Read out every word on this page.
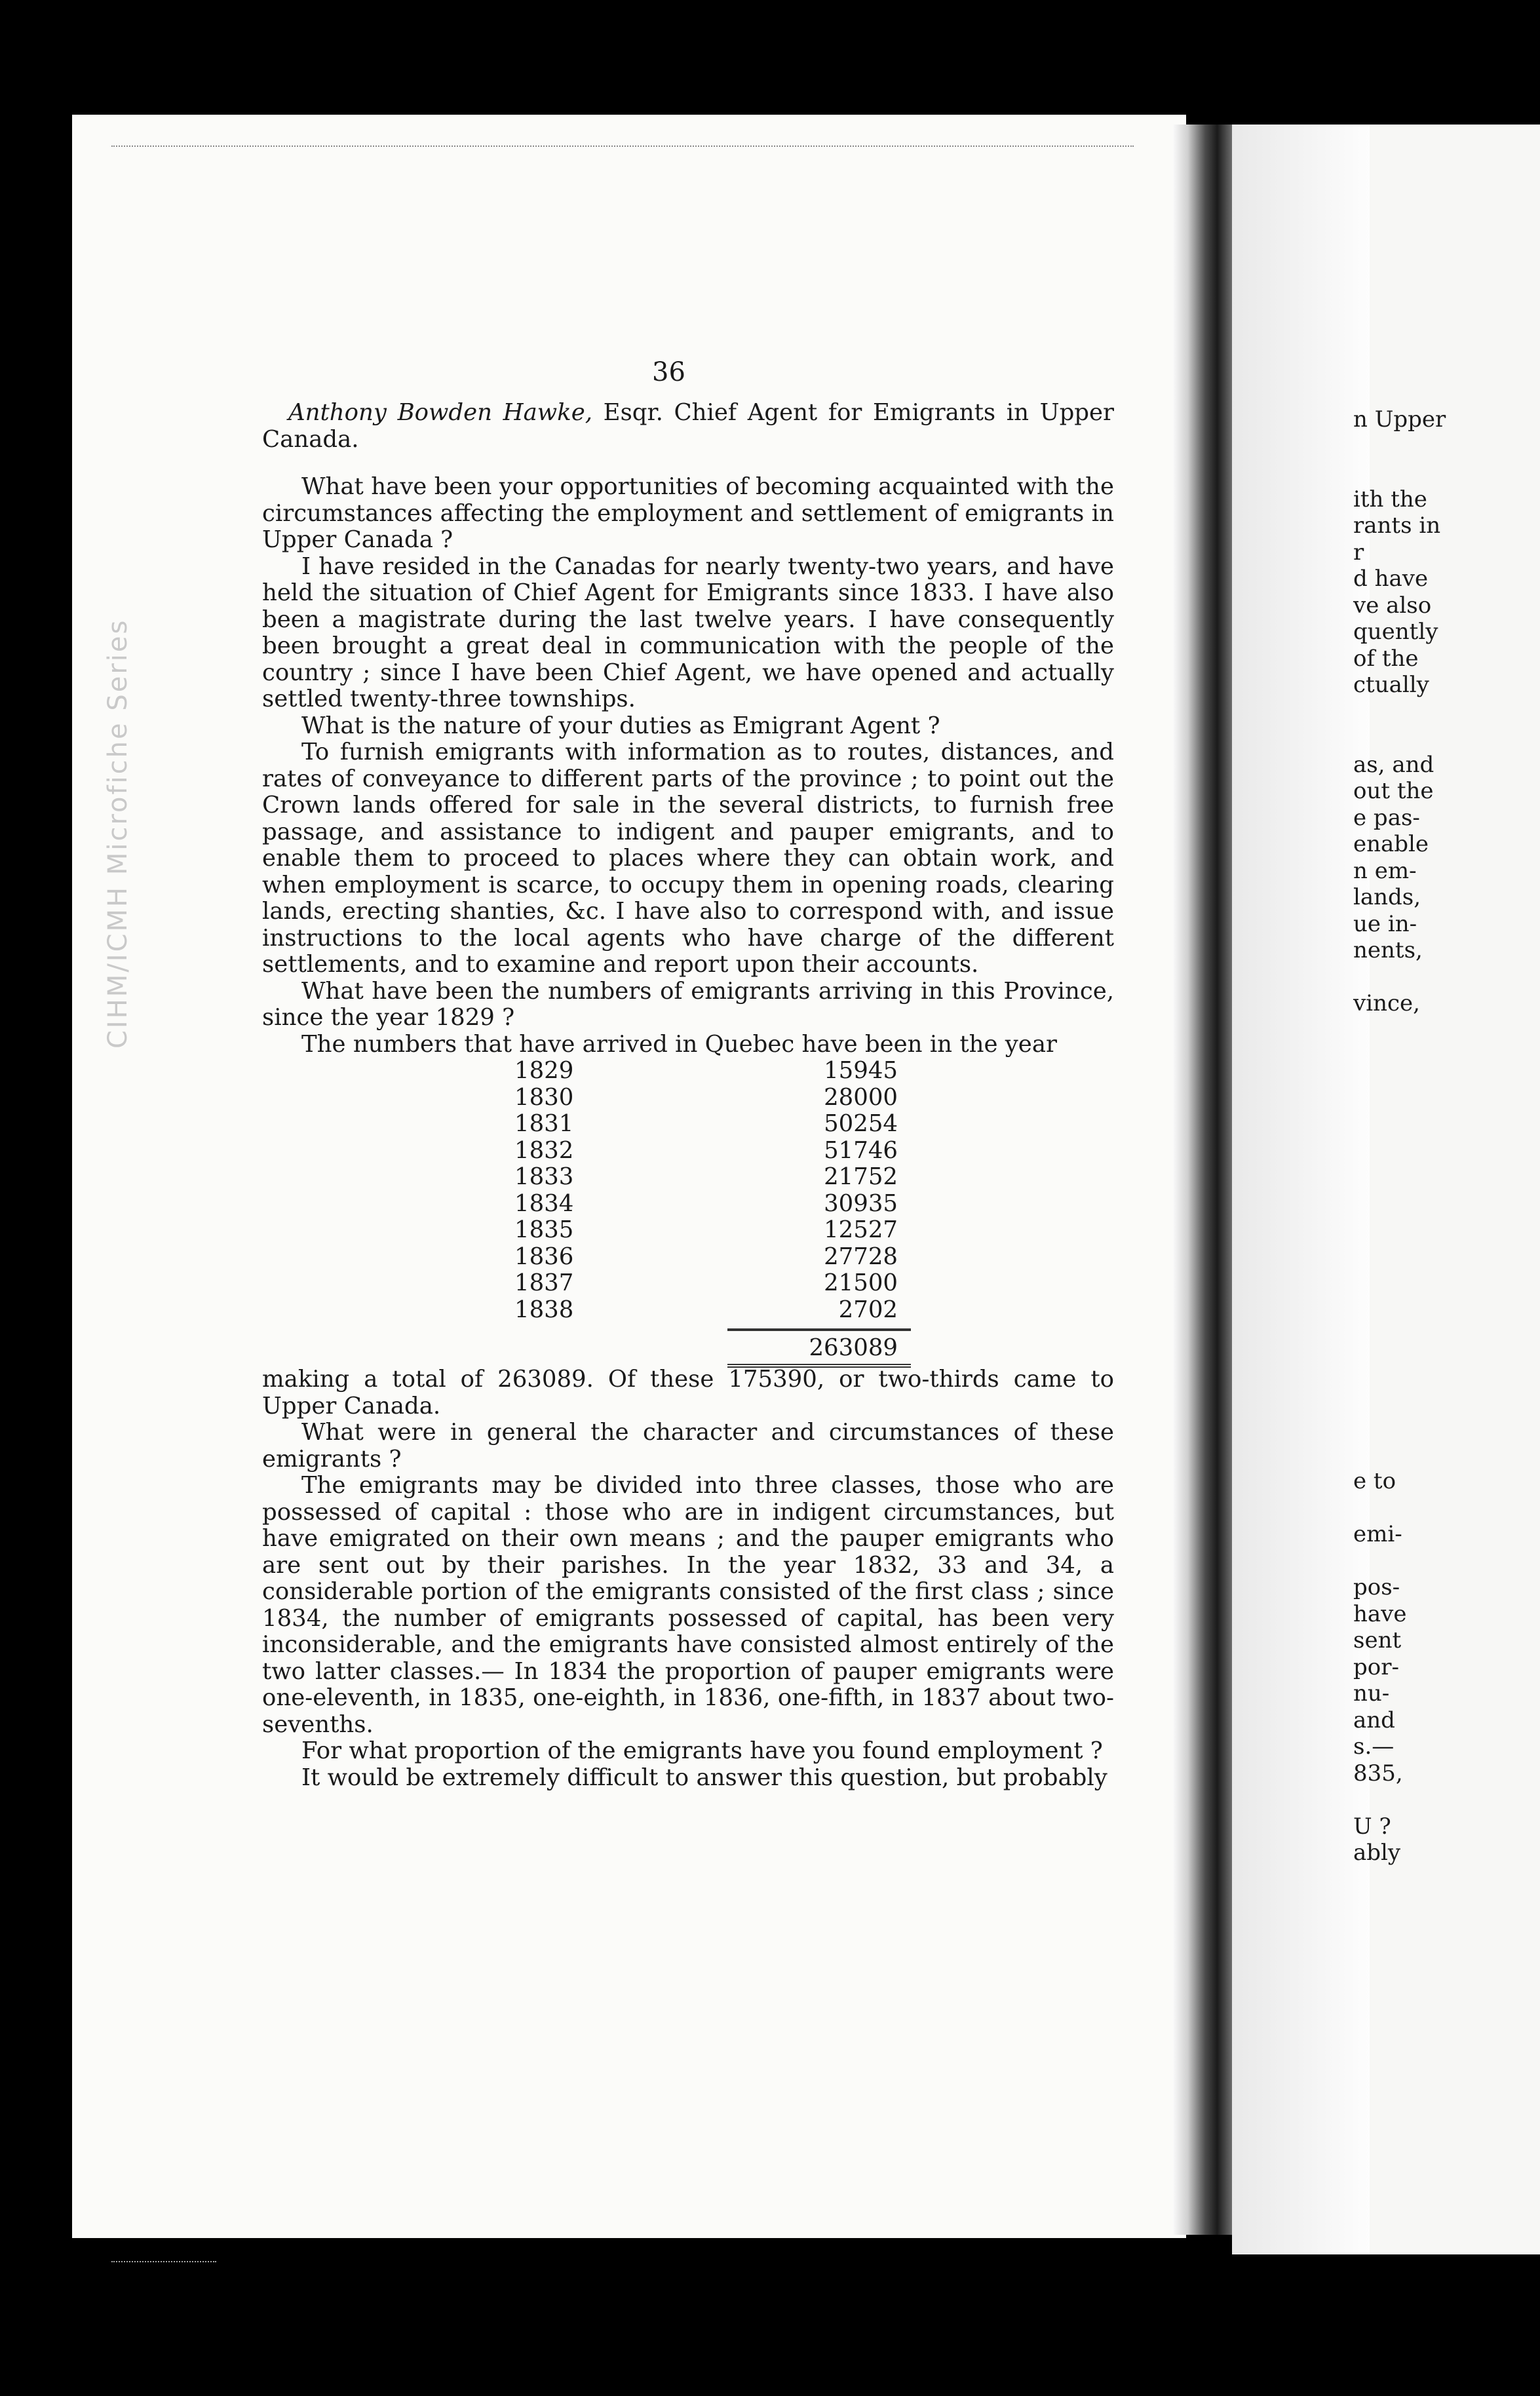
CIHM/ICMH Microfiche Series
36

Anthony Bowden Hawke, Esqr. Chief Agent for Emigrants in Upper Canada.

What have been your opportunities of becoming acquainted with the circumstances affecting the employment and settlement of emigrants in Upper Canada ?

I have resided in the Canadas for nearly twenty-two years, and have held the situation of Chief Agent for Emigrants since 1833. I have also been a magistrate during the last twelve years. I have consequently been brought a great deal in communication with the people of the country ; since I have been Chief Agent, we have opened and actually settled twenty-three townships.

What is the nature of your duties as Emigrant Agent ?

To furnish emigrants with information as to routes, distances, and rates of conveyance to different parts of the province ; to point out the Crown lands offered for sale in the several districts, to furnish free passage, and assistance to indigent and pauper emigrants, and to enable them to proceed to places where they can obtain work, and when employment is scarce, to occupy them in opening roads, clearing lands, erecting shanties, &c. I have also to correspond with, and issue instructions to the local agents who have charge of the different settlements, and to examine and report upon their accounts.

What have been the numbers of emigrants arriving in this Province, since the year 1829 ?

The numbers that have arrived in Quebec have been in the year

1829	15945
1830	28000
1831	50254
1832	51746
1833	21752
1834	30935
1835	12527
1836	27728
1837	21500
1838	2702
263089

making a total of 263089. Of these 175390, or two-thirds came to Upper Canada.

What were in general the character and circumstances of these emigrants ?

The emigrants may be divided into three classes, those who are possessed of capital : those who are in indigent circumstances, but have emigrated on their own means ; and the pauper emigrants who are sent out by their parishes. In the year 1832, 33 and 34, a considerable portion of the emigrants consisted of the first class ; since 1834, the number of emigrants possessed of capital, has been very inconsiderable, and the emigrants have consisted almost entirely of the two latter classes.— In 1834 the proportion of pauper emigrants were one-eleventh, in 1835, one-eighth, in 1836, one-fifth, in 1837 about two-sevenths.

For what proportion of the emigrants have you found employment ?

It would be extremely difficult to answer this question, but probably

n Upper
ith the
rants in
r
d have
ve also
quently
of the
ctually
as, and
out the
e pas-
enable
n em-
lands,
ue in-
nents,
vince,
e to
emi-
pos-
have
sent
por-
nu-
and
s.—
835,
U ?
ably
